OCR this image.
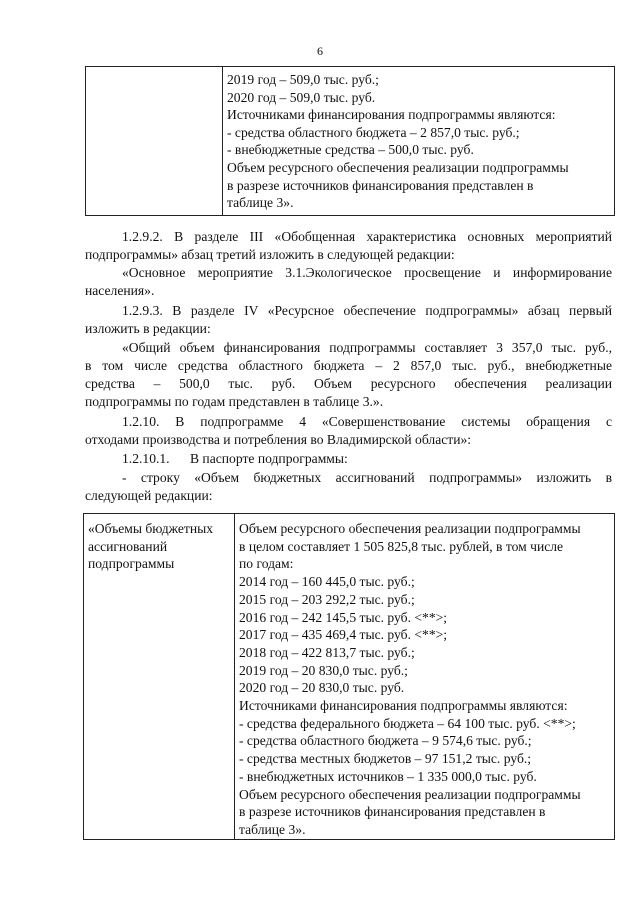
6

2019 год – 509,0 тыс. руб.;
2020 год – 509,0 тыс. руб.
Источниками финансирования подпрограммы являются:
- средства областного бюджета – 2 857,0 тыс. руб.;
- внебюджетные средства – 500,0 тыс. руб.
Объем ресурсного обеспечения реализации подпрограммы
в разрезе источников финансирования представлен в
таблице 3».
1.2.9.2. В разделе III «Обобщенная характеристика основных мероприятий
подпрограммы» абзац третий изложить в следующей редакции:
«Основное мероприятие 3.1.Экологическое просвещение и информирование
населения».
1.2.9.3. В разделе IV «Ресурсное обеспечение подпрограммы» абзац первый
изложить в редакции:
«Общий объем финансирования подпрограммы составляет 3 357,0 тыс. руб.,
в том числе средства областного бюджета – 2 857,0 тыс. руб., внебюджетные
средства – 500,0 тыс. руб. Объем ресурсного обеспечения реализации
подпрограммы по годам представлен в таблице 3.».
1.2.10. В подпрограмме 4 «Совершенствование системы обращения с
отходами производства и потребления во Владимирской области»:
1.2.10.1.      В паспорте подпрограммы:
- строку «Объем бюджетных ассигнований подпрограммы» изложить в
следующей редакции:
«Объемы бюджетных
ассигнований
подпрограммы

Объем ресурсного обеспечения реализации подпрограммы
в целом составляет 1 505 825,8 тыс. рублей, в том числе
по годам:
2014 год – 160 445,0 тыс. руб.;
2015 год – 203 292,2 тыс. руб.;
2016 год – 242 145,5 тыс. руб. <**>;
2017 год – 435 469,4 тыс. руб. <**>;
2018 год – 422 813,7 тыс. руб.;
2019 год – 20 830,0 тыс. руб.;
2020 год – 20 830,0 тыс. руб.
Источниками финансирования подпрограммы являются:
- средства федерального бюджета – 64 100 тыс. руб. <**>;
- средства областного бюджета – 9 574,6 тыс. руб.;
- средства местных бюджетов – 97 151,2 тыс. руб.;
- внебюджетных источников – 1 335 000,0 тыс. руб.
Объем ресурсного обеспечения реализации подпрограммы
в разрезе источников финансирования представлен в
таблице 3».
